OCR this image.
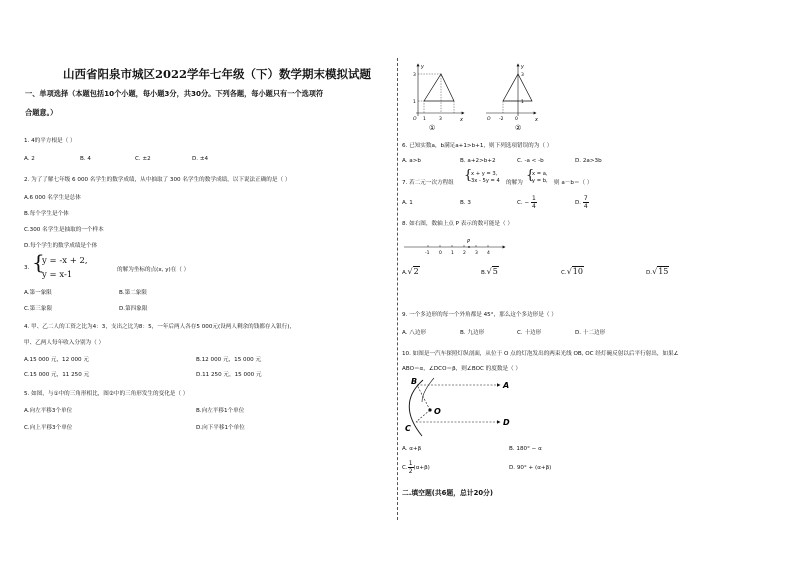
山西省阳泉市城区2022学年七年级（下）数学期末模拟试题
一、单项选择（本题包括10个小题，每小题3分，共30分。下列各题，每小题只有一个选项符
合题意。）
1. 4的平方根是（ ）
A. 2	B. 4	C. ±2	D. ±4
2. 为了了解七年级 6 000 名学生的数学成绩，从中抽取了 300 名学生的数学成绩，以下说法正确的是（ ）
A.6 000 名学生是总体
B.每个学生是个体
C.300 名学生是抽取的一个样本
D.每个学生的数学成绩是个体
3. {
y = -x + 2,
y = x-1	的解为坐标的点(x, y)在（ ）
A.第一象限	B.第二象限
C.第三象限	D.第四象限
4. 甲、乙二人的工资之比为4：3，支出之比为8：5，一年后两人各存5 000元(设两人剩余的钱都存入银行)，
甲、乙两人每年收入分别为（ ）
A.15 000 元，12 000 元	B.12 000 元，15 000 元
C.15 000 元，11 250 元	D.11 250 元，15 000 元
5. 如图，与①中的三角形相比，图②中的三角形发生的变化是（ ）
A.向左平移3个单位	B.向左平移1个单位
C.向上平移3个单位	D.向下平移1个单位
y
x
O
3
1
1	3
①
y
x
O
3
1
-2	0
②
6. 已知实数a，b满足a+1>b+1，则下列选项错误的为（ ）
A. a>b	B. a+2>b+2	C. -a < -b	D. 2a>3b
7. 若二元一次方程组 {
x + y = 3,
3x - 5y = 4 的解为 {
x = a,
y = b, 则 a－b＝（ ）
A. 1	B. 3	C. − $\frac{1}{4}$	D. $\frac{7}{4}$
8. 如右图，数轴上点 P 表示的数可能是（ ）
P
-1 0 1 2 3 4
A.√2	B.√5	C.√10	D.√15
9. 一个多边形的每一个外角都是 45°，那么这个多边形是（ ）
A. 八边形	B. 九边形	C. 十边形	D. 十二边形
10. 如图是一汽车探照灯纵剖面，从位于 O 点的灯泡发出的两束光线 OB, OC 经灯碗反射以后平行射出，如果∠
ABO＝α，∠DCO＝β，则∠BOC 的度数是（ ）
B	A
O
C
D
A. α+β	B. 180° − α
C. $\frac{1}{2} (\alpha+\beta)$	D. 90° + (α+β)
二.填空题(共6题，总计20分)
